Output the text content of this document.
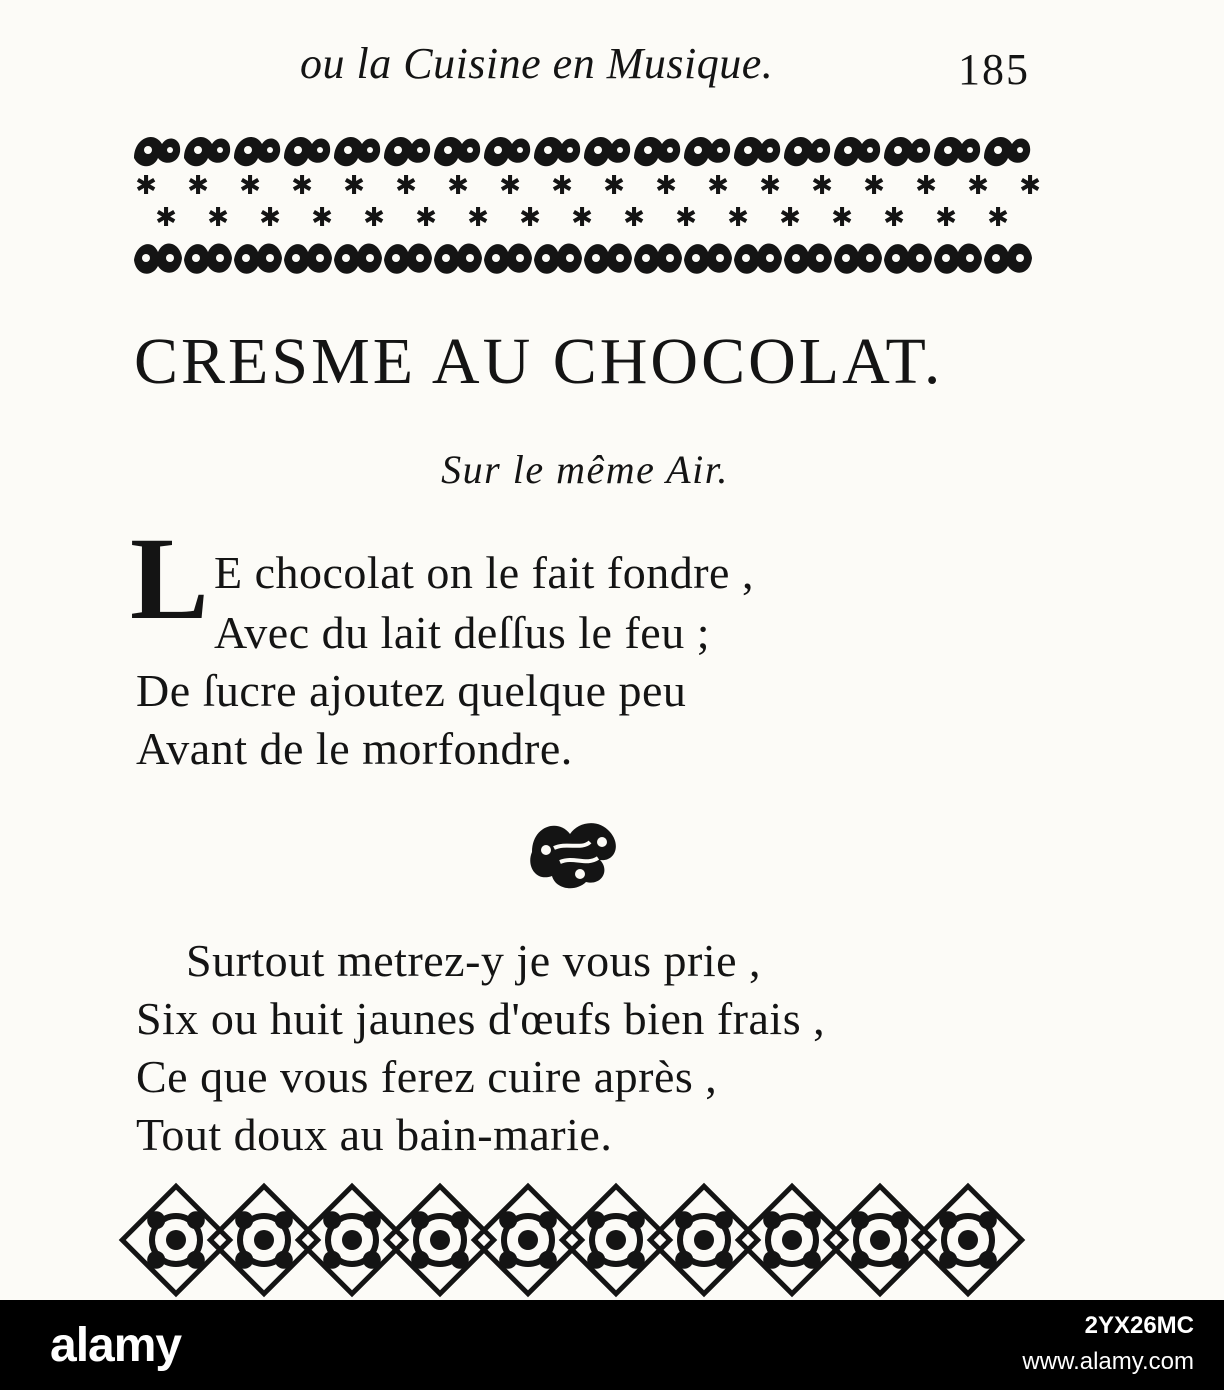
ou la Cuisine en Musique.	185
✱ ✱ ✱ ✱ ✱ ✱ ✱ ✱ ✱ ✱ ✱ ✱ ✱ ✱ ✱ ✱ ✱ ✱
✱ ✱ ✱ ✱ ✱ ✱ ✱ ✱ ✱ ✱ ✱ ✱ ✱ ✱ ✱ ✱ ✱
CRESME AU CHOCOLAT.
Sur le même Air.
L E chocolat on le fait fondre ,
Avec du lait deſſus le feu ;
De ſucre ajoutez quelque peu
Avant de le morfondre.
Surtout metrez-y je vous prie ,
Six ou huit jaunes d'œufs bien frais ,
Ce que vous ferez cuire après ,
Tout doux au bain-marie.
alamy	2YX26MC
www.alamy.com
